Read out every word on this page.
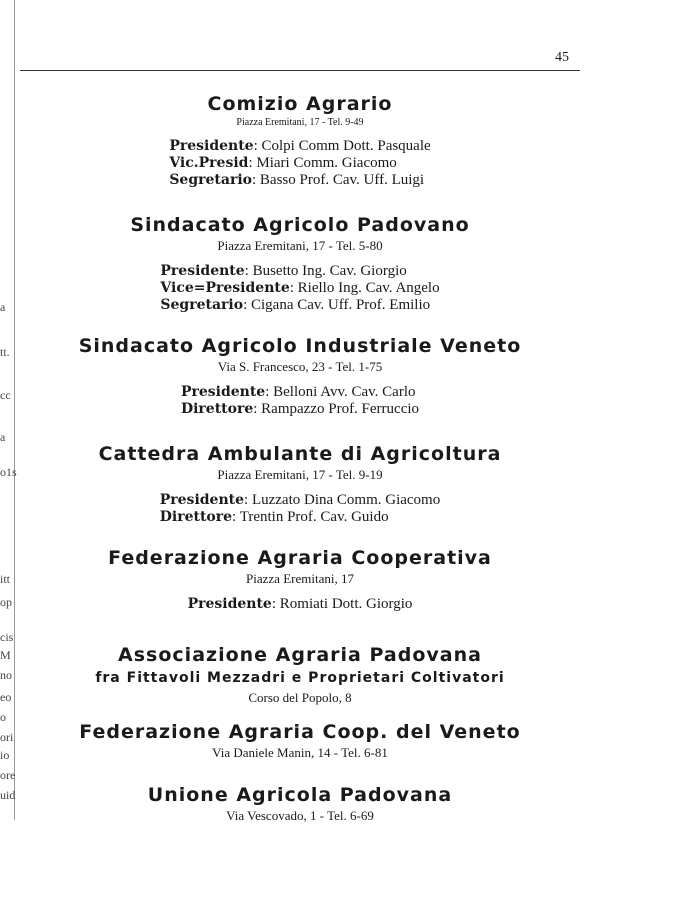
a
tt.
cc
a
o1s
itt
op
cis
M
no
eo
o
ori
io
ore
uid
45
Comizio Agrario
Piazza Eremitani, 17 - Tel. 9-49
Presidente: Colpi Comm Dott. Pasquale
Vic.Presid: Miari Comm. Giacomo
Segretario: Basso Prof. Cav. Uff. Luigi
Sindacato Agricolo Padovano
Piazza Eremitani, 17 - Tel. 5-80
Presidente: Busetto Ing. Cav. Giorgio
Vice=Presidente: Riello Ing. Cav. Angelo
Segretario: Cigana Cav. Uff. Prof. Emilio
Sindacato Agricolo Industriale Veneto
Via S. Francesco, 23 - Tel. 1-75
Presidente: Belloni Avv. Cav. Carlo
Direttore: Rampazzo Prof. Ferruccio
Cattedra Ambulante di Agricoltura
Piazza Eremitani, 17 - Tel. 9-19
Presidente: Luzzato Dina Comm. Giacomo
Direttore: Trentin Prof. Cav. Guido
Federazione Agraria Cooperativa
Piazza Eremitani, 17
Presidente: Romiati Dott. Giorgio
Associazione Agraria Padovana
fra Fittavoli Mezzadri e Proprietari Coltivatori
Corso del Popolo, 8
Federazione Agraria Coop. del Veneto
Via Daniele Manin, 14 - Tel. 6-81
Unione Agricola Padovana
Via Vescovado, 1 - Tel. 6-69
